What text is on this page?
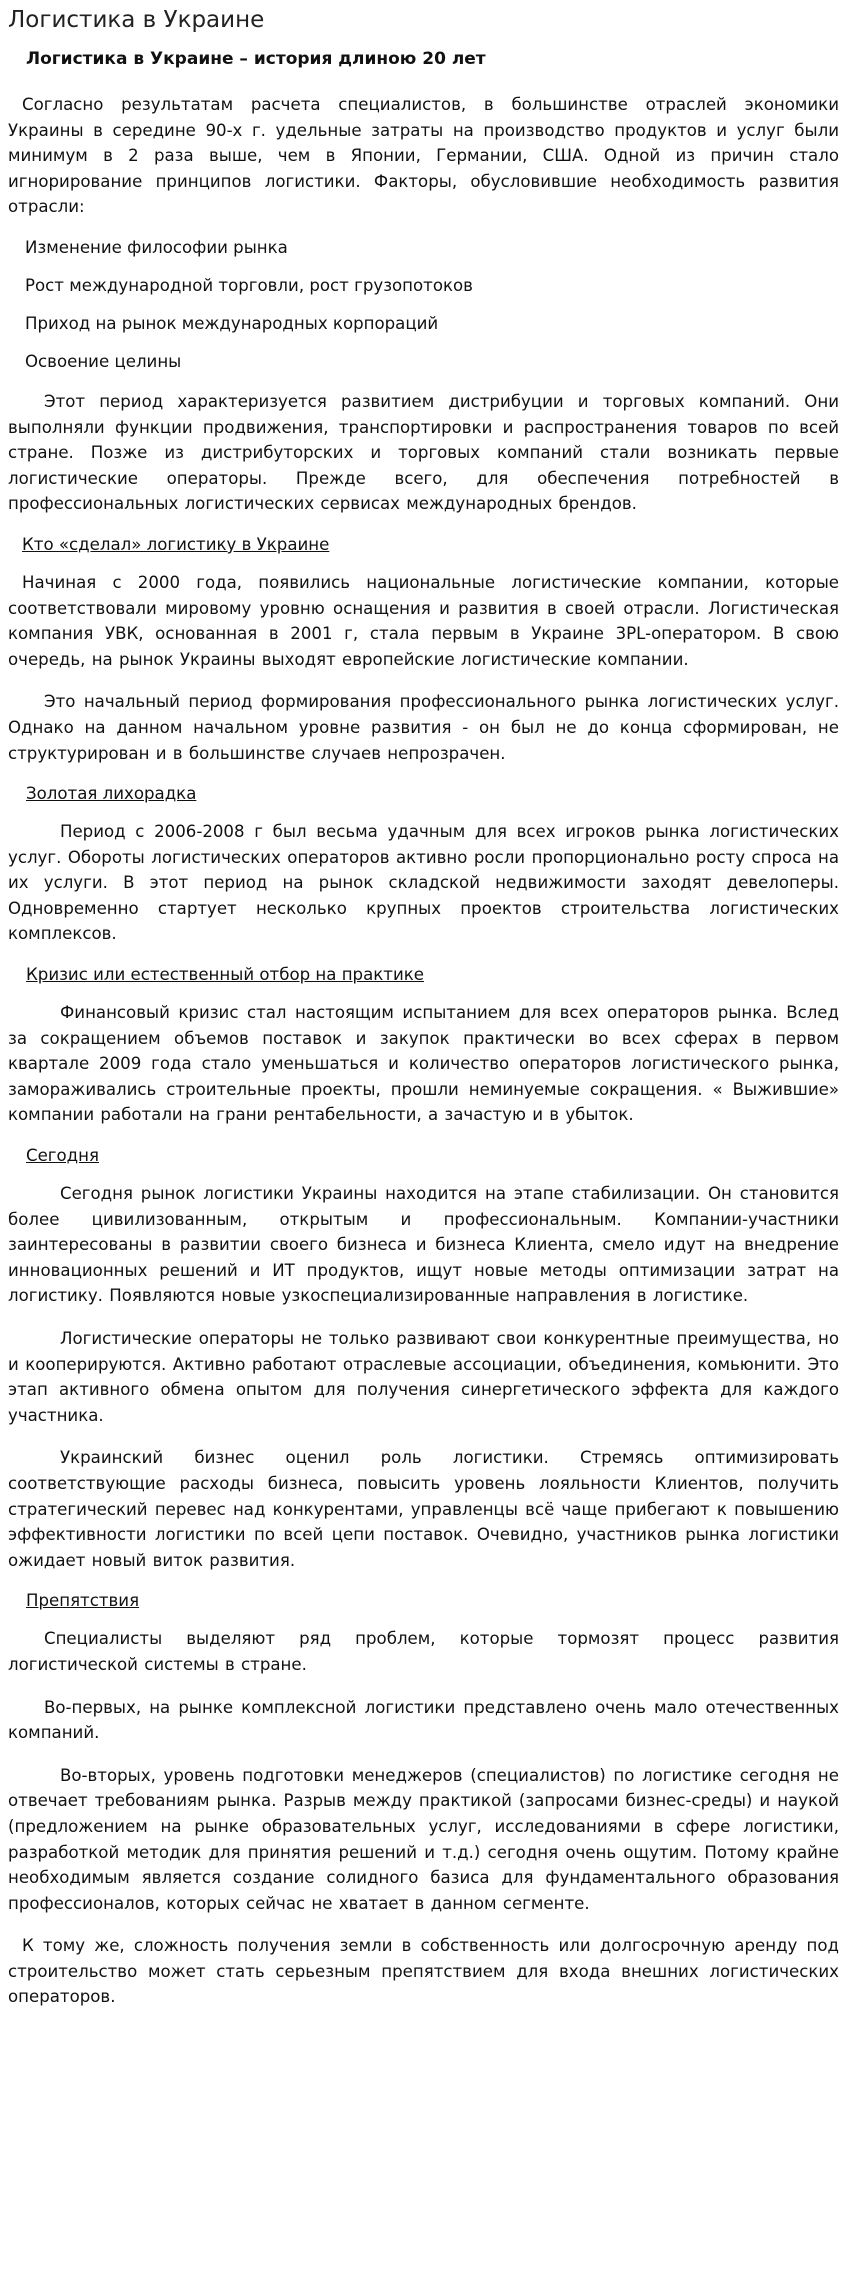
Логистика в Украине
Логистика в Украине – история длиною 20 лет

Согласно результатам расчета специалистов, в большинстве отраслей экономики Украины в середине 90-х г. удельные затраты на производство продуктов и услуг были минимум в 2 раза выше, чем в Японии, Германии, США. Одной из причин стало игнорирование принципов логистики. Факторы, обусловившие необходимость развития отрасли:

Изменение философии рынка
Рост международной торговли, рост грузопотоков
Приход на рынок международных корпораций
Освоение целины

Этот период характеризуется развитием дистрибуции и торговых компаний. Они выполняли функции продвижения, транспортировки и распространения товаров по всей стране. Позже из дистрибуторских и торговых компаний стали возникать первые логистические операторы. Прежде всего, для обеспечения потребностей в профессиональных логистических сервисах международных брендов.

Кто «сделал» логистику в Украине

Начиная с 2000 года, появились национальные логистические компании, которые соответствовали мировому уровню оснащения и развития в своей отрасли. Логистическая компания УВК, основанная в 2001 г, стала первым в Украине 3PL-оператором. В свою очередь, на рынок Украины выходят европейские логистические компании.

Это начальный период формирования профессионального рынка логистических услуг. Однако на данном начальном уровне развития - он был не до конца сформирован, не структурирован и в большинстве случаев непрозрачен.

Золотая лихорадка

Период с 2006-2008 г был весьма удачным для всех игроков рынка логистических услуг. Обороты логистических операторов активно росли пропорционально росту спроса на их услуги. В этот период на рынок складской недвижимости заходят девелоперы. Одновременно стартует несколько крупных проектов строительства логистических комплексов.

Кризис или естественный отбор на практике

Финансовый кризис стал настоящим испытанием для всех операторов рынка. Вслед за сокращением объемов поставок и закупок практически во всех сферах в первом квартале 2009 года стало уменьшаться и количество операторов логистического рынка, замораживались строительные проекты, прошли неминуемые сокращения. « Выжившие» компании работали на грани рентабельности, а зачастую и в убыток.

Сегодня

Сегодня рынок логистики Украины находится на этапе стабилизации. Он становится более цивилизованным, открытым и профессиональным. Компании-участники заинтересованы в развитии своего бизнеса и бизнеса Клиента, смело идут на внедрение инновационных решений и ИТ продуктов, ищут новые методы оптимизации затрат на логистику. Появляются новые узкоспециализированные направления в логистике.

Логистические операторы не только развивают свои конкурентные преимущества, но и кооперируются. Активно работают отраслевые ассоциации, объединения, комьюнити. Это этап активного обмена опытом для получения синергетического эффекта для каждого участника.

Украинский бизнес оценил роль логистики. Стремясь оптимизировать соответствующие расходы бизнеса, повысить уровень лояльности Клиентов, получить стратегический перевес над конкурентами, управленцы всё чаще прибегают к повышению эффективности логистики по всей цепи поставок. Очевидно, участников рынка логистики ожидает новый виток развития.

Препятствия

Специалисты выделяют ряд проблем, которые тормозят процесс развития логистической системы в стране.

Во-первых, на рынке комплексной логистики представлено очень мало отечественных компаний.

Во-вторых, уровень подготовки менеджеров (специалистов) по логистике сегодня не отвечает требованиям рынка. Разрыв между практикой (запросами бизнес-среды) и наукой (предложением на рынке образовательных услуг, исследованиями в сфере логистики, разработкой методик для принятия решений и т.д.) сегодня очень ощутим. Потому крайне необходимым является создание солидного базиса для фундаментального образования профессионалов, которых сейчас не хватает в данном сегменте.

К тому же, сложность получения земли в собственность или долгосрочную аренду под строительство может стать серьезным препятствием для входа внешних логистических операторов.
